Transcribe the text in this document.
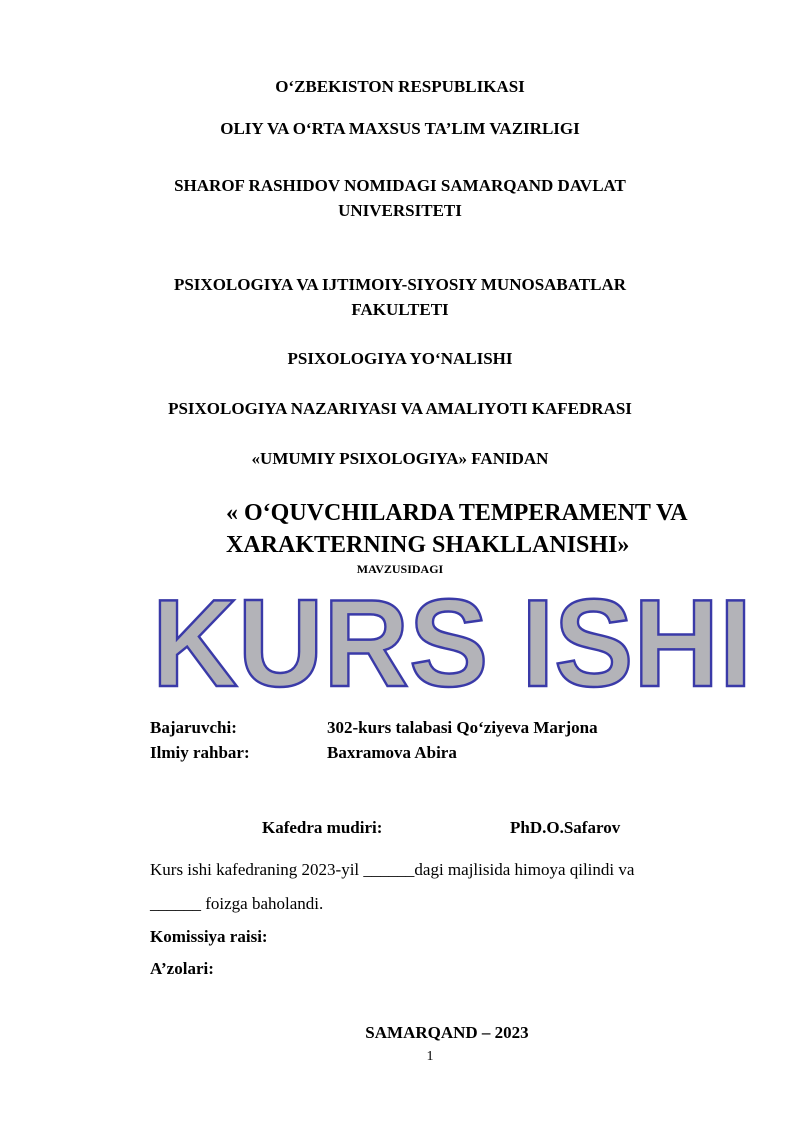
O‘ZBEKISTON RESPUBLIKASI
OLIY VA O‘RTA MAXSUS TA’LIM VAZIRLIGI
SHAROF RASHIDOV NOMIDAGI SAMARQAND DAVLAT
UNIVERSITETI
PSIXOLOGIYA VA IJTIMOIY-SIYOSIY MUNOSABATLAR
FAKULTETI
PSIXOLOGIYA YO‘NALISHI
PSIXOLOGIYA NAZARIYASI VA AMALIYOTI KAFEDRASI
«UMUMIY PSIXOLOGIYA» FANIDAN
« O‘QUVCHILARDA TEMPERAMENT VA
XARAKTERNING SHAKLLANISHI»
MAVZUSIDAGI
KURS ISHI
Bajaruvchi:	302-kurs talabasi Qo‘ziyeva Marjona
Ilmiy rahbar:	Baxramova Abira
Kafedra mudiri:	PhD.O.Safarov
Kurs ishi kafedraning 2023-yil ______dagi majlisida himoya qilindi va
______ foizga baholandi.
Komissiya raisi:
A’zolari:
SAMARQAND – 2023
1
